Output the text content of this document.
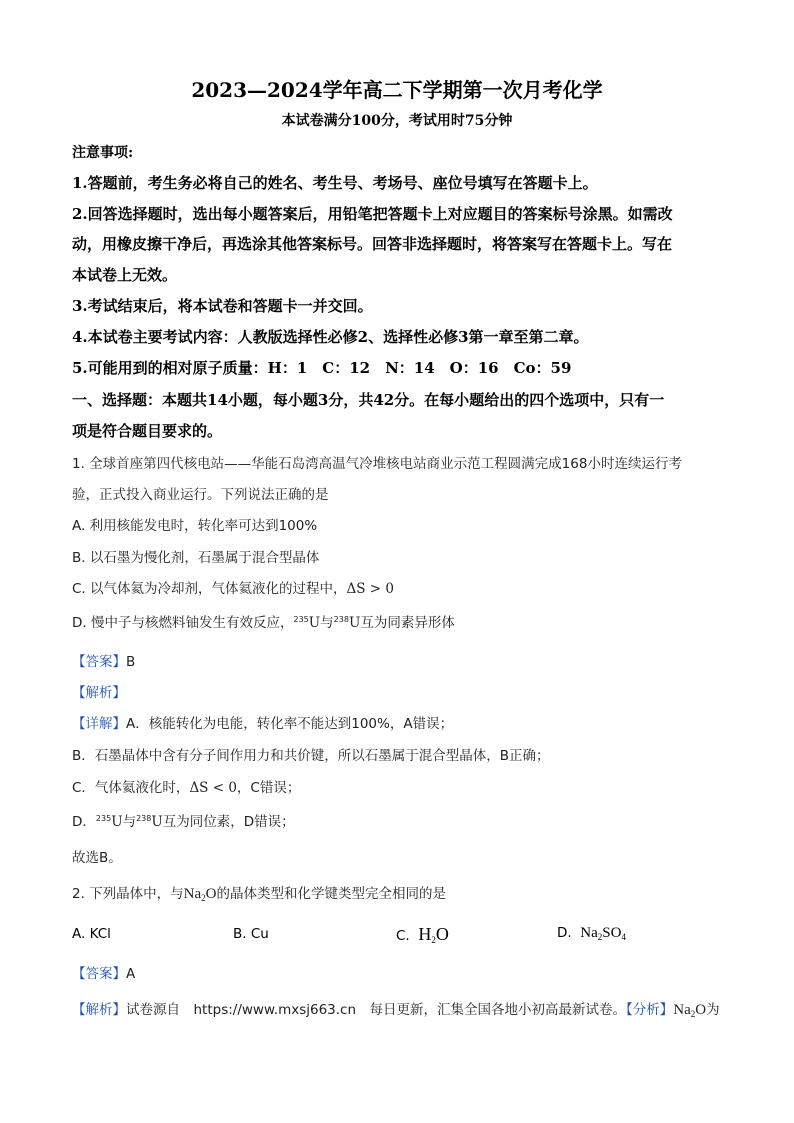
2023—2024学年高二下学期第一次月考化学
本试卷满分100分，考试用时75分钟
注意事项:
1.答题前，考生务必将自己的姓名、考生号、考场号、座位号填写在答题卡上。
2.回答选择题时，选出每小题答案后，用铅笔把答题卡上对应题目的答案标号涂黑。如需改
动，用橡皮擦干净后，再选涂其他答案标号。回答非选择题时，将答案写在答题卡上。写在
本试卷上无效。
3.考试结束后，将本试卷和答题卡一并交回。
4.本试卷主要考试内容：人教版选择性必修2、选择性必修3第一章至第二章。
5.可能用到的相对原子质量：H：1　C：12　N：14　O：16　Co：59
一、选择题：本题共14小题，每小题3分，共42分。在每小题给出的四个选项中，只有一
项是符合题目要求的。
1. 全球首座第四代核电站——华能石岛湾高温气冷堆核电站商业示范工程圆满完成168小时连续运行考
验，正式投入商业运行。下列说法正确的是
A. 利用核能发电时，转化率可达到100%
B. 以石墨为慢化剂，石墨属于混合型晶体
C. 以气体氦为冷却剂，气体氦液化的过程中，ΔS > 0
D. 慢中子与核燃料铀发生有效反应，$^{235}$U与$^{238}$U互为同素异形体
【答案】B
【解析】
【详解】A．核能转化为电能，转化率不能达到100%，A错误；
B．石墨晶体中含有分子间作用力和共价键，所以石墨属于混合型晶体，B正确；
C．气体氦液化时，ΔS < 0，C错误；
D．$^{235}$U与$^{238}$U互为同位素，D错误；
故选B。
2. 下列晶体中，与$Na_2O$的晶体类型和化学键类型完全相同的是
A. KCl	B. Cu	C. $H_2O$	D. $Na_2SO_4$
【答案】A
【解析】试卷源自　https://www.mxsj663.cn　每日更新，汇集全国各地小初高最新试卷。【分析】$Na_2O$为
